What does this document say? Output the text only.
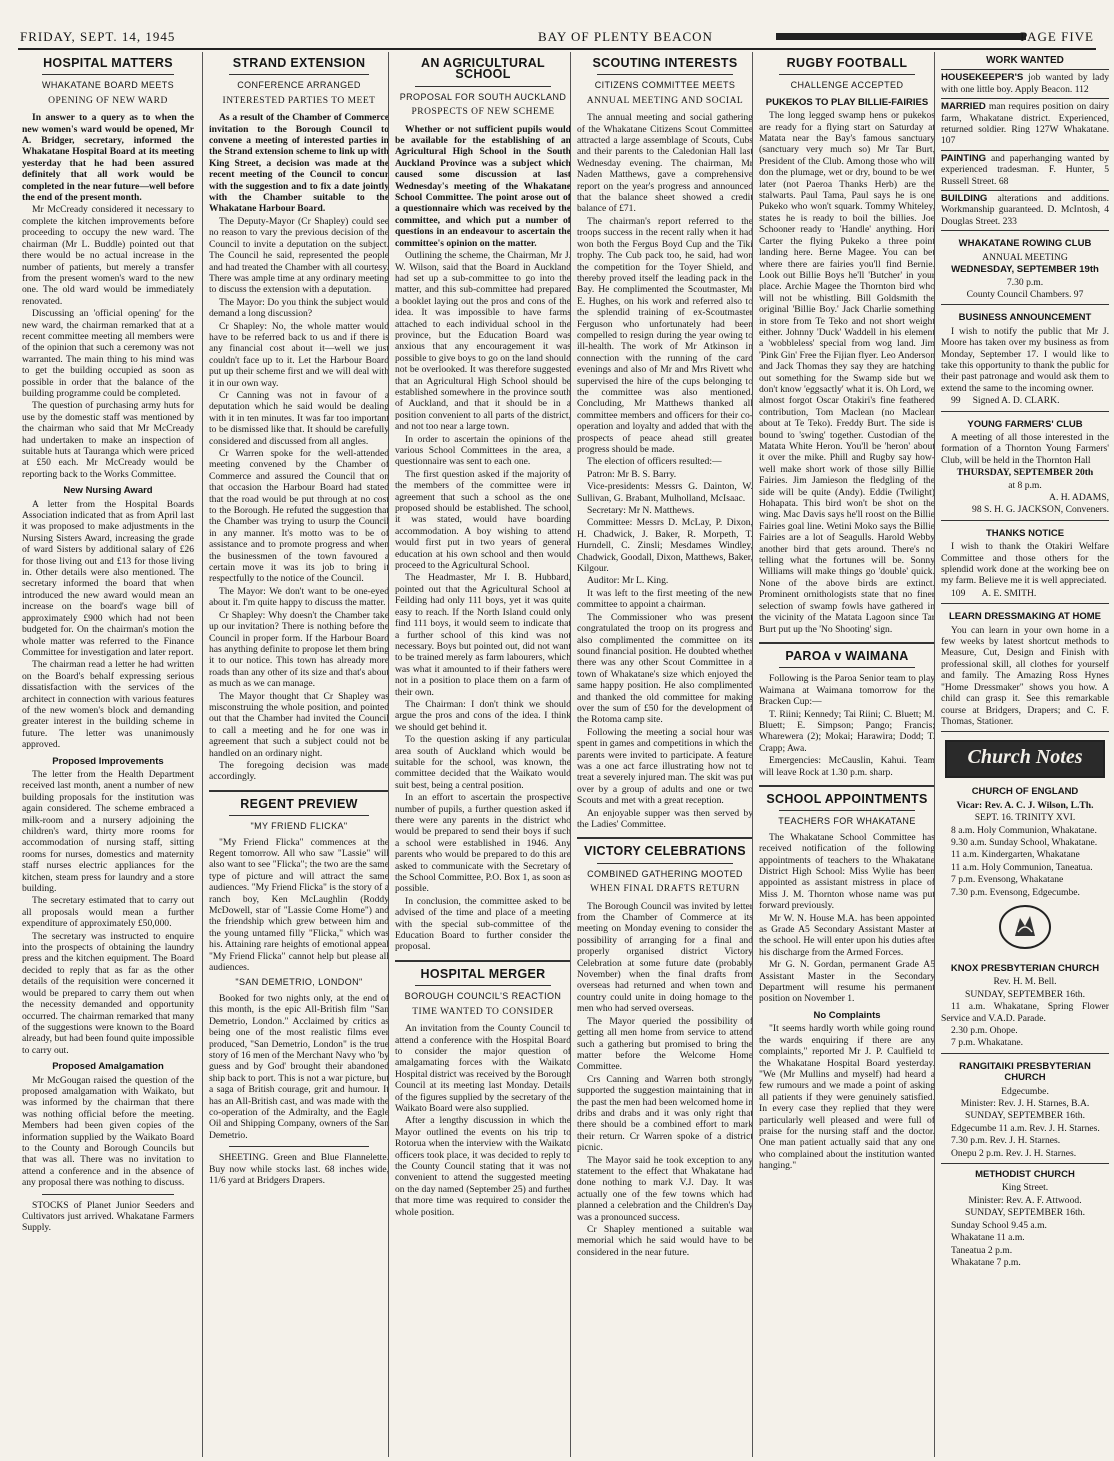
FRIDAY, SEPT. 14, 1945	BAY OF PLENTY BEACON	PAGE FIVE
HOSPITAL MATTERS
WHAKATANE BOARD MEETS
OPENING OF NEW WARD

In answer to a query as to when the new women's ward would be opened, Mr A. Bridger, secretary, informed the Whakatane Hospital Board at its meeting yesterday that he had been assured definitely that all work would be completed in the near future—well before the end of the present month.

Mr McCready considered it necessary to complete the kitchen improvements before proceeding to occupy the new ward. The chairman (Mr L. Buddle) pointed out that there would be no actual increase in the number of patients, but merely a transfer from the present women's ward to the new one. The old ward would be immediately renovated.

Discussing an 'official opening' for the new ward, the chairman remarked that at a recent committee meeting all members were of the opinion that such a ceremony was not warranted. The main thing to his mind was to get the building occupied as soon as possible in order that the balance of the building programme could be completed.

The question of purchasing army huts for use by the domestic staff was mentioned by the chairman who said that Mr McCready had undertaken to make an inspection of suitable huts at Tauranga which were priced at £50 each. Mr McCready would be reporting back to the Works Committee.

New Nursing Award

A letter from the Hospital Boards Association indicated that as from April last it was proposed to make adjustments in the Nursing Sisters Award, increasing the grade of ward Sisters by additional salary of £26 for those living out and £13 for those living in. Other details were also mentioned. The secretary informed the board that when introduced the new award would mean an increase on the board's wage bill of approximately £900 which had not been budgeted for. On the chairman's motion the whole matter was referred to the Finance Committee for investigation and later report.

The chairman read a letter he had written on the Board's behalf expressing serious dissatisfaction with the services of the architect in connection with various features of the new women's block and demanding greater interest in the building scheme in future. The letter was unanimously approved.

Proposed Improvements

The letter from the Health Department received last month, anent a number of new building proposals for the institution was again considered. The scheme embraced a milk-room and a nursery adjoining the children's ward, thirty more rooms for accommodation of nursing staff, sitting rooms for nurses, domestics and maternity staff nurses electric appliances for the kitchen, steam press for laundry and a store building.

The secretary estimated that to carry out all proposals would mean a further expenditure of approximately £50,000.

The secretary was instructed to enquire into the prospects of obtaining the laundry press and the kitchen equipment. The Board decided to reply that as far as the other details of the requisition were concerned it would be prepared to carry them out when the necessity demanded and opportunity occurred. The chairman remarked that many of the suggestions were known to the Board already, but had been found quite impossible to carry out.

Proposed Amalgamation

Mr McGougan raised the question of the proposed amalgamation with Waikato, but was informed by the chairman that there was nothing official before the meeting. Members had been given copies of the information supplied by the Waikato Board to the County and Borough Councils but that was all. There was no invitation to attend a conference and in the absence of any proposal there was nothing to discuss.

STOCKS of Planet Junior Seeders and Cultivators just arrived. Whakatane Farmers Supply.

STRAND EXTENSION
CONFERENCE ARRANGED
INTERESTED PARTIES TO MEET

As a result of the Chamber of Commerce invitation to the Borough Council to convene a meeting of interested parties in the Strand extension scheme to link up with King Street, a decision was made at the recent meeting of the Council to concur with the suggestion and to fix a date jointly with the Chamber suitable to the Whakatane Harbour Board.

The Deputy-Mayor (Cr Shapley) could see no reason to vary the previous decision of the Council to invite a deputation on the subject. The Council he said, represented the people and had treated the Chamber with all courtesy. There was ample time at any ordinary meeting to discuss the extension with a deputation.

The Mayor: Do you think the subject would demand a long discussion?

Cr Shapley: No, the whole matter would have to be referred back to us and if there is any financial cost about it—well we just couldn't face up to it. Let the Harbour Board put up their scheme first and we will deal with it in our own way.

Cr Canning was not in favour of a deputation which he said would be dealing with it in ten minutes. It was far too important to be dismissed like that. It should be carefully considered and discussed from all angles.

Cr Warren spoke for the well-attended meeting convened by the Chamber of Commerce and assured the Council that on that occasion the Harbour Board had stated that the road would be put through at no cost to the Borough. He refuted the suggestion that the Chamber was trying to usurp the Council in any manner. It's motto was to be of assistance and to promote progress and when the businessmen of the town favoured a certain move it was its job to bring it respectfully to the notice of the Council.

The Mayor: We don't want to be one-eyed about it. I'm quite happy to discuss the matter.

Cr Shapley: Why doesn't the Chamber take up our invitation? There is nothing before the Council in proper form. If the Harbour Board has anything definite to propose let them bring it to our notice. This town has already more roads than any other of its size and that's about as much as we can manage.

The Mayor thought that Cr Shapley was misconstruing the whole position, and pointed out that the Chamber had invited the Council to call a meeting and he for one was in agreement that such a subject could not be handled on an ordinary night.

The foregoing decision was made accordingly.

REGENT PREVIEW
"MY FRIEND FLICKA"

"My Friend Flicka" commences at the Regent tomorrow. All who saw "Lassie" will also want to see "Flicka"; the two are the same type of picture and will attract the same audiences. "My Friend Flicka" is the story of a ranch boy, Ken McLaughlin (Roddy McDowell, star of "Lassie Come Home") and the friendship which grew between him and the young untamed filly "Flicka," which was his. Attaining rare heights of emotional appeal "My Friend Flicka" cannot help but please all audiences.

"SAN DEMETRIO, LONDON"

Booked for two nights only, at the end of this month, is the epic All-British film "San Demetrio, London." Acclaimed by critics as being one of the most realistic films ever produced, "San Demetrio, London" is the true story of 16 men of the Merchant Navy who 'by guess and by God' brought their abandoned ship back to port. This is not a war picture, but a saga of British courage, grit and humour. It has an All-British cast, and was made with the co-operation of the Admiralty, and the Eagle Oil and Shipping Company, owners of the San Demetrio.

SHEETING. Green and Blue Flannelette. Buy now while stocks last. 68 inches wide, 11/6 yard at Bridgers Drapers.

AN AGRICULTURAL SCHOOL
PROPOSAL FOR SOUTH AUCKLAND
PROSPECTS OF NEW SCHEME

Whether or not sufficient pupils would be available for the establishing of an Agricultural High School in the South Auckland Province was a subject which caused some discussion at last Wednesday's meeting of the Whakatane School Committee. The point arose out of a questionnaire which was received by the committee, and which put a number of questions in an endeavour to ascertain the committee's opinion on the matter.

Outlining the scheme, the Chairman, Mr J. W. Wilson, said that the Board in Auckland had set up a sub-committee to go into the matter, and this sub-committee had prepared a booklet laying out the pros and cons of the idea. It was impossible to have farms attached to each individual school in the province, but the Education Board was anxious that any encouragement it was possible to give boys to go on the land should not be overlooked. It was therefore suggested that an Agricultural High School should be established somewhere in the province south of Auckland, and that it should be in a position convenient to all parts of the district, and not too near a large town.

In order to ascertain the opinions of the various School Committees in the area, a questionnaire was sent to each one.

The first question asked if the majority of the members of the committee were in agreement that such a school as the one proposed should be established. The school, it was stated, would have boarding accommodation. A boy wishing to attend would first put in two years of general education at his own school and then would proceed to the Agricultural School.

The Headmaster, Mr I. B. Hubbard, pointed out that the Agricultural School at Feilding had only 111 boys, yet it was quite easy to reach. If the North Island could only find 111 boys, it would seem to indicate that a further school of this kind was not necessary. Boys but pointed out, did not want to be trained merely as farm labourers, which was what it amounted to if their fathers were not in a position to place them on a farm of their own.

The Chairman: I don't think we should argue the pros and cons of the idea. I think we should get behind it.

To the question asking if any particular area south of Auckland which would be suitable for the school, was known, the committee decided that the Waikato would suit best, being a central position.

In an effort to ascertain the prospective number of pupils, a further question asked if there were any parents in the district who would be prepared to send their boys if such a school were established in 1946. Any parents who would be prepared to do this are asked to communicate with the Secretary of the School Committee, P.O. Box 1, as soon as possible.

In conclusion, the committee asked to be advised of the time and place of a meeting with the special sub-committee of the Education Board to further consider the proposal.

HOSPITAL MERGER
BOROUGH COUNCIL'S REACTION
TIME WANTED TO CONSIDER

An invitation from the County Council to attend a conference with the Hospital Board to consider the major question of amalgamating forces with the Waikato Hospital district was received by the Borough Council at its meeting last Monday. Details of the figures supplied by the secretary of the Waikato Board were also supplied.

After a lengthy discussion in which the Mayor outlined the events on his trip to Rotorua when the interview with the Waikato officers took place, it was decided to reply to the County Council stating that it was not convenient to attend the suggested meeting on the day named (September 25) and further that more time was required to consider the whole position.

SCOUTING INTERESTS
CITIZENS COMMITTEE MEETS
ANNUAL MEETING AND SOCIAL

The annual meeting and social gathering of the Whakatane Citizens Scout Committee attracted a large assemblage of Scouts, Cubs and their parents to the Caledonian Hall last Wednesday evening. The chairman, Mr Naden Matthews, gave a comprehensive report on the year's progress and announced that the balance sheet showed a credit balance of £71.

The chairman's report referred to the troops success in the recent rally when it had won both the Fergus Boyd Cup and the Tiki trophy. The Cub pack too, he said, had won the competition for the Toyer Shield, and thereby proved itself the leading pack in the Bay. He complimented the Scoutmaster, Mr E. Hughes, on his work and referred also to the splendid training of ex-Scoutmaster Ferguson who unfortunately had been compelled to resign during the year owing to ill-health. The work of Mr Atkinson in connection with the running of the card evenings and also of Mr and Mrs Rivett who supervised the hire of the cups belonging to the committee was also mentioned. Concluding, Mr Matthews thanked all committee members and officers for their co-operation and loyalty and added that with the prospects of peace ahead still greater progress should be made.

The election of officers resulted:—

Patron: Mr B. S. Barry.

Vice-presidents: Messrs G. Dainton, W. Sullivan, G. Brabant, Mulholland, McIsaac.

Secretary: Mr N. Matthews.

Committee: Messrs D. McLay, P. Dixon, H. Chadwick, J. Baker, R. Morpeth, T. Hurndell, C. Zinsli; Mesdames Windley, Chadwick, Goodall, Dixon, Matthews, Baker, Kilgour.

Auditor: Mr L. King.

It was left to the first meeting of the new committee to appoint a chairman.

The Commissioner who was present congratulated the troop on its progress and also complimented the committee on its sound financial position. He doubted whether there was any other Scout Committee in a town of Whakatane's size which enjoyed the same happy position. He also complimented and thanked the old committee for making over the sum of £50 for the development of the Rotoma camp site.

Following the meeting a social hour was spent in games and competitions in which the parents were invited to participate. A feature was a one act farce illustrating how not to treat a severely injured man. The skit was put over by a group of adults and one or two Scouts and met with a great reception.

An enjoyable supper was then served by the Ladies' Committee.

VICTORY CELEBRATIONS
COMBINED GATHERING MOOTED
WHEN FINAL DRAFTS RETURN

The Borough Council was invited by letter from the Chamber of Commerce at its meeting on Monday evening to consider the possibility of arranging for a final and properly organised district Victory Celebration at some future date (probably November) when the final drafts from overseas had returned and when town and country could unite in doing homage to the men who had served overseas.

The Mayor queried the possibility of getting all men home from service to attend such a gathering but promised to bring the matter before the Welcome Home Committee.

Crs Canning and Warren both strongly supported the suggestion maintaining that in the past the men had been welcomed home in dribs and drabs and it was only right that there should be a combined effort to mark their return. Cr Warren spoke of a district picnic.

The Mayor said he took exception to any statement to the effect that Whakatane had done nothing to mark V.J. Day. It was actually one of the few towns which had planned a celebration and the Children's Day was a pronounced success.

Cr Shapley mentioned a suitable war memorial which he said would have to be considered in the near future.

RUGBY FOOTBALL
CHALLENGE ACCEPTED
PUKEKOS TO PLAY BILLIE-FAIRIES

The long legged swamp hens or pukekos are ready for a flying start on Saturday at Matata near the Bay's famous sanctuary (sanctuary very much so) Mr Tar Burt, President of the Club. Among those who will don the plumage, wet or dry, bound to be wet later (not Paeroa Thanks Herb) are the stalwarts. Paul Tama, Paul says he is one Pukeko who won't squark. Tommy Whiteley, states he is ready to boil the billies. Joe Schooner ready to 'Handle' anything. Hori Carter the flying Pukeko a three point landing here. Berne Magee. You can bet where there are fairies you'll find Bernie. Look out Billie Boys he'll 'Butcher' in your place. Archie Magee the Thornton bird who will not be whistling. Bill Goldsmith the original 'Billie Boy.' Jack Charlie something in store from Te Teko and not short weight either. Johnny 'Duck' Waddell in his element a 'wobbleless' special from wog land. Jim 'Pink Gin' Free the Fijian flyer. Leo Anderson and Jack Thomas they say they are hatching out something for the Swamp side but we don't know 'eggsactly' what it is. Oh Lord, we almost forgot Oscar Otakiri's fine feathered contribution, Tom Maclean (no Maclean about at Te Teko). Freddy Burt. The side is bound to 'swing' together. Custodian of the Matata White Heron. You'll be 'heron' about it over the mike. Phill and Rugby say how-well make short work of those silly Billie Fairies. Jim Jamieson the fledgling of the side will be quite (Andy). Eddie (Twilight) Hohapata. This bird won't be shot on the wing. Mac Davis says he'll roost on the Billie Fairies goal line. Wetini Moko says the Billie Fairies are a lot of Seagulls. Harold Webby another bird that gets around. There's no telling what the fortunes will be. Sonny Williams will make things go 'double' quick. None of the above birds are extinct. Prominent ornithologists state that no finer selection of swamp fowls have gathered in the vicinity of the Matata Lagoon since Tar Burt put up the 'No Shooting' sign.

PAROA v WAIMANA

Following is the Paroa Senior team to play Waimana at Waimana tomorrow for the Bracken Cup:—

T. Riini; Kennedy; Tai Riini; C. Bluett; M. Bluett; E. Simpson; Pango; Francis; Wharewera (2); Mokai; Harawira; Dodd; T. Crapp; Awa.

Emergencies: McCauslin, Kahui. Team will leave Rock at 1.30 p.m. sharp.

SCHOOL APPOINTMENTS
TEACHERS FOR WHAKATANE

The Whakatane School Committee has received notification of the following appointments of teachers to the Whakatane District High School: Miss Wylie has been appointed as assistant mistress in place of Miss J. M. Thornton whose name was put forward previously.

Mr W. N. House M.A. has been appointed as Grade A5 Secondary Assistant Master at the school. He will enter upon his duties after his discharge from the Armed Forces.

Mr G. N. Gordan, permanent Grade A5 Assistant Master in the Secondary Department will resume his permanent position on November 1.

No Complaints

"It seems hardly worth while going round the wards enquiring if there are any complaints," reported Mr J. P. Caulfield to the Whakatane Hospital Board yesterday. "We (Mr Mullins and myself) had heard a few rumours and we made a point of asking all patients if they were genuinely satisfied. In every case they replied that they were particularly well pleased and were full of praise for the nursing staff and the doctor. One man patient actually said that any one who complained about the institution wanted hanging."

WORK WANTED
HOUSEKEEPER'S job wanted by lady with one little boy. Apply Beacon. 112
MARRIED man requires position on dairy farm, Whakatane district. Experienced, returned soldier. Ring 127W Whakatane. 107
PAINTING and paperhanging wanted by experienced tradesman. F. Hunter, 5 Russell Street. 68
BUILDING alterations and additions. Workmanship guaranteed. D. McIntosh, 4 Douglas Street. 233
WHAKATANE ROWING CLUB

ANNUAL MEETING

WEDNESDAY, SEPTEMBER 19th

7.30 p.m.

County Council Chambers. 97

BUSINESS ANNOUNCEMENT

I wish to notify the public that Mr J. Moore has taken over my business as from Monday, September 17. I would like to take this opportunity to thank the public for their past patronage and would ask them to extend the same to the incoming owner.

99 Signed A. D. CLARK.

YOUNG FARMERS' CLUB

A meeting of all those interested in the formation of a Thornton Young Farmers' Club, will be held in the Thornton Hall

THURSDAY, SEPTEMBER 20th

at 8 p.m.

A. H. ADAMS,

98 S. H. G. JACKSON, Conveners.

THANKS NOTICE

I wish to thank the Otakiri Welfare Committee and those others for the splendid work done at the working bee on my farm. Believe me it is well appreciated.

109 A. E. SMITH.

LEARN DRESSMAKING AT HOME

You can learn in your own home in a few weeks by latest shortcut methods to Measure, Cut, Design and Finish with professional skill, all clothes for yourself and family. The Amazing Ross Hynes "Home Dressmaker" shows you how. A child can grasp it. See this remarkable course at Bridgers, Drapers; and C. F. Thomas, Stationer.

Church Notes
CHURCH OF ENGLAND

Vicar: Rev. A. C. J. Wilson, L.Th.

SEPT. 16. TRINITY XVI.

8 a.m. Holy Communion, Whakatane.

9.30 a.m. Sunday School, Whakatane.

11 a.m. Kindergarten, Whakatane

11 a.m. Holy Communion, Taneatua.

7 p.m. Evensong, Whakatane

7.30 p.m. Evensong, Edgecumbe.

KNOX PRESBYTERIAN CHURCH

Rev. H. M. Bell.

SUNDAY, SEPTEMBER 16th.

11 a.m. Whakatane, Spring Flower Service and V.A.D. Parade.

2.30 p.m. Ohope.

7 p.m. Whakatane.

RANGITAIKI PRESBYTERIAN CHURCH

Edgecumbe.

Minister: Rev. J. H. Starnes, B.A.

SUNDAY, SEPTEMBER 16th.

Edgecumbe 11 a.m. Rev. J. H. Starnes.

7.30 p.m. Rev. J. H. Starnes.

Onepu 2 p.m. Rev. J. H. Starnes.

METHODIST CHURCH

King Street.

Minister: Rev. A. F. Attwood.

SUNDAY, SEPTEMBER 16th.

Sunday School 9.45 a.m.

Whakatane 11 a.m.

Taneatua 2 p.m.

Whakatane 7 p.m.
